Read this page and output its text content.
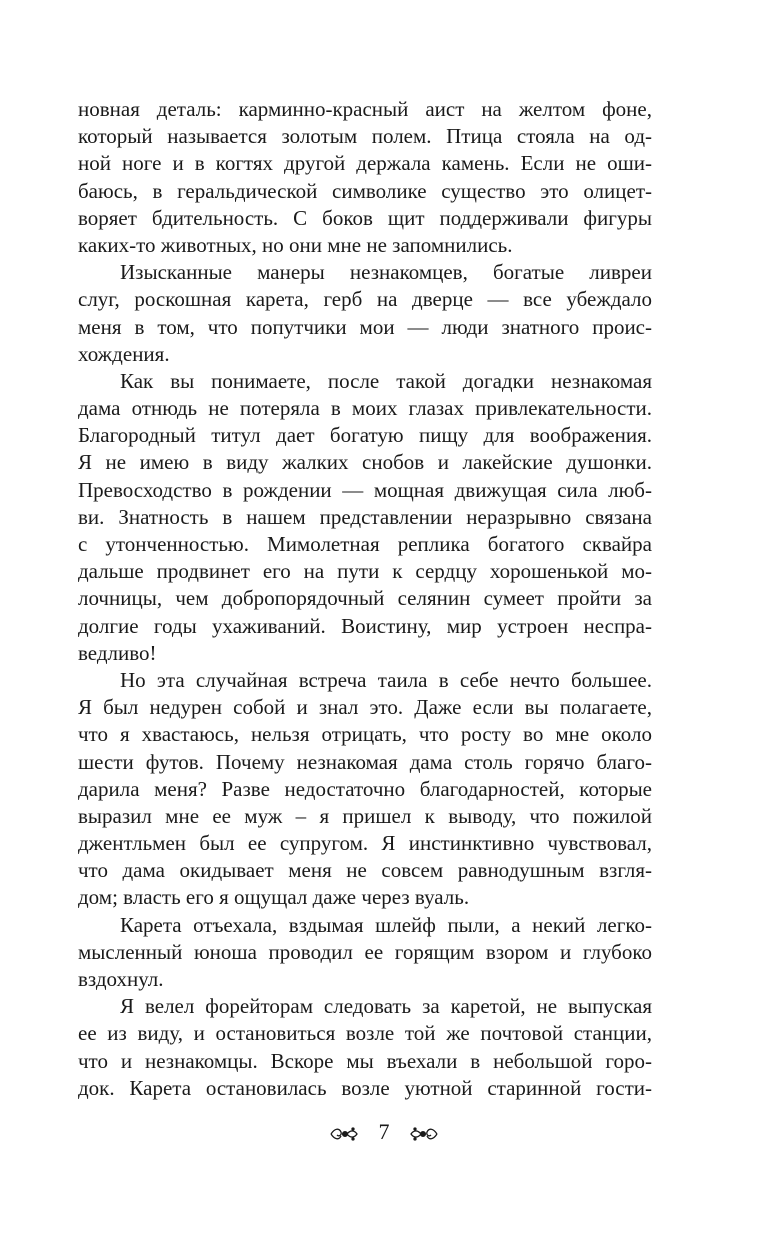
новная деталь: карминно-красный аист на желтом фоне,
который называется золотым полем. Птица стояла на од-
ной ноге и в когтях другой держала камень. Если не оши-
баюсь, в геральдической символике существо это олицет-
воряет бдительность. С боков щит поддерживали фигуры
каких-то животных, но они мне не запомнились.
Изысканные манеры незнакомцев, богатые ливреи
слуг, роскошная карета, герб на дверце — все убеждало
меня в том, что попутчики мои — люди знатного проис-
хождения.
Как вы понимаете, после такой догадки незнакомая
дама отнюдь не потеряла в моих глазах привлекательности.
Благородный титул дает богатую пищу для воображения.
Я не имею в виду жалких снобов и лакейские душонки.
Превосходство в рождении — мощная движущая сила люб-
ви. Знатность в нашем представлении неразрывно связана
с утонченностью. Мимолетная реплика богатого сквайра
дальше продвинет его на пути к сердцу хорошенькой мо-
лочницы, чем добропорядочный селянин сумеет пройти за
долгие годы ухаживаний. Воистину, мир устроен неспра-
ведливо!
Но эта случайная встреча таила в себе нечто большее.
Я был недурен собой и знал это. Даже если вы полагаете,
что я хвастаюсь, нельзя отрицать, что росту во мне около
шести футов. Почему незнакомая дама столь горячо благо-
дарила меня? Разве недостаточно благодарностей, которые
выразил мне ее муж – я пришел к выводу, что пожилой
джентльмен был ее супругом. Я инстинктивно чувствовал,
что дама окидывает меня не совсем равнодушным взгля-
дом; власть его я ощущал даже через вуаль.
Карета отъехала, вздымая шлейф пыли, а некий легко-
мысленный юноша проводил ее горящим взором и глубоко
вздохнул.
Я велел форейторам следовать за каретой, не выпуская
ее из виду, и остановиться возле той же почтовой станции,
что и незнакомцы. Вскоре мы въехали в небольшой горо-
док. Карета остановилась возле уютной старинной гости-
7
